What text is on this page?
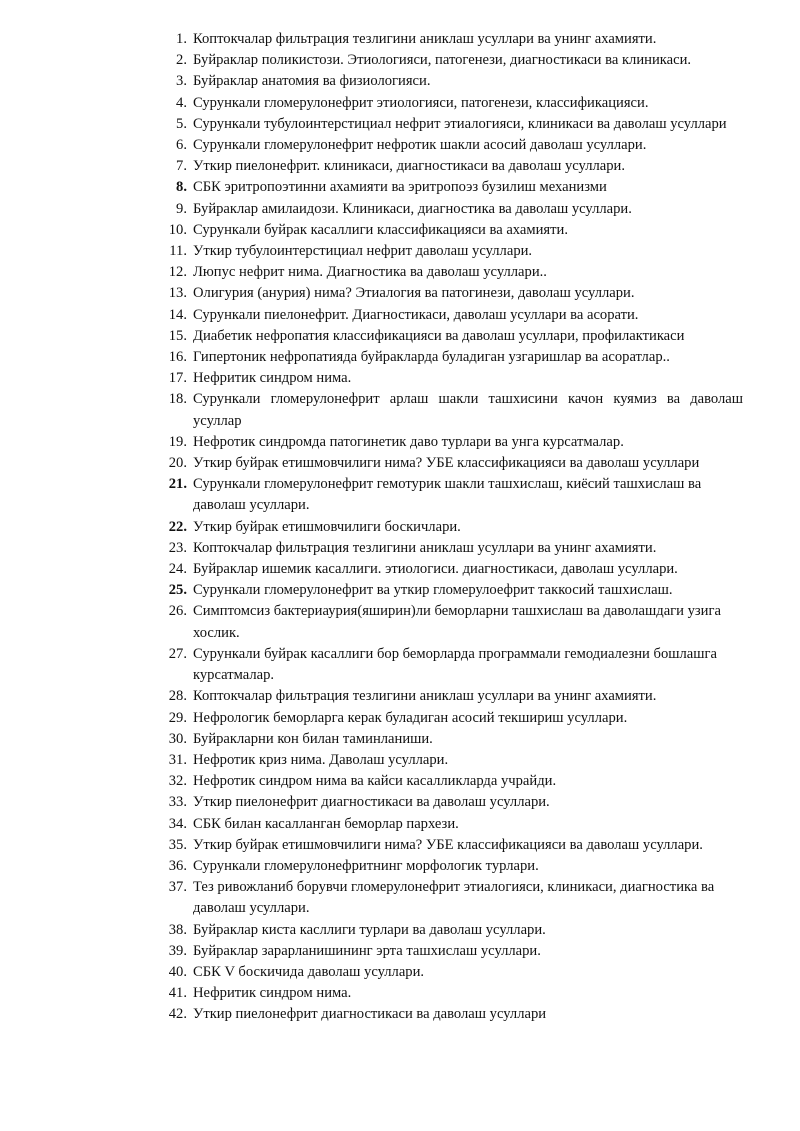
1. Коптокчалар фильтрация тезлигини аниклаш усуллари ва унинг ахамияти.
2. Буйраклар поликистози. Этиологияси, патогенези, диагностикаси ва клиникаси.
3. Буйраклар анатомия ва физиологияси.
4. Сурункали гломерулонефрит этиологияси, патогенези, классификацияси.
5. Сурункали тубулоинтерстициал нефрит этиалогияси, клиникаси ва даволаш усуллари
6. Сурункали гломерулонефрит нефротик шакли асосий даволаш усуллари.
7. Уткир пиелонефрит. клиникаси, диагностикаси ва даволаш усуллари.
8. СБК эритропоэтинни ахамияти ва эритропоэз бузилиш механизми
9. Буйраклар амилаидози. Клиникаси, диагностика ва даволаш усуллари.
10. Сурункали буйрак касаллиги классификацияси ва ахамияти.
11. Уткир тубулоинтерстициал нефрит даволаш усуллари.
12. Люпус нефрит нима. Диагностика ва даволаш усуллари..
13. Олигурия (анурия) нима? Этиалогия ва патогинези, даволаш усуллари.
14. Сурункали пиелонефрит. Диагностикаси, даволаш усуллари ва асорати.
15. Диабетик нефропатия классификацияси ва даволаш усуллари, профилактикаси
16. Гипертоник нефропатияда буйракларда буладиган узгаришлар ва асоратлар..
17. Нефритик синдром нима.
18. Сурункали гломерулонефрит арлаш шакли ташхисини качон куямиз ва даволаш усуллар
19. Нефротик синдромда патогинетик даво турлари ва унга курсатмалар.
20. Уткир буйрак етишмовчилиги нима? УБЕ классификацияси ва даволаш усуллари
21. Сурункали гломерулонефрит гемотурик шакли ташхислаш, киёсий ташхислаш ва даволаш усуллари.
22. Уткир буйрак етишмовчилиги боскичлари.
23. Коптокчалар фильтрация тезлигини аниклаш усуллари ва унинг ахамияти.
24. Буйраклар ишемик касаллиги. этиологиси. диагностикаси, даволаш усуллари.
25. Сурункали гломерулонефрит ва уткир гломерулоефрит таккосий ташхислаш.
26. Симптомсиз бактериаурия(яширин)ли беморларни ташхислаш ва даволашдаги узига хослик.
27. Сурункали буйрак касаллиги бор беморларда программали гемодиалезни бошлашга курсатмалар.
28. Коптокчалар фильтрация тезлигини аниклаш усуллари ва унинг ахамияти.
29. Нефрологик беморларга керак буладиган асосий текшириш усуллари.
30. Буйракларни кон билан таминланиши.
31. Нефротик криз нима. Даволаш усуллари.
32. Нефротик синдром нима ва кайси касалликларда учрайди.
33. Уткир пиелонефрит диагностикаси ва даволаш усуллари.
34. СБК билан касалланган беморлар пархези.
35. Уткир буйрак етишмовчилиги нима? УБЕ классификацияси ва даволаш усуллари.
36. Сурункали гломерулонефритнинг морфологик турлари.
37. Тез ривожланиб борувчи гломерулонефрит этиалогияси, клиникаси, диагностика ва даволаш усуллари.
38. Буйраклар киста касллиги турлари ва даволаш усуллари.
39. Буйраклар зарарланишининг эрта ташхислаш усуллари.
40. СБК V боскичида даволаш усуллари.
41. Нефритик синдром нима.
42. Уткир пиелонефрит диагностикаси ва даволаш усуллари
